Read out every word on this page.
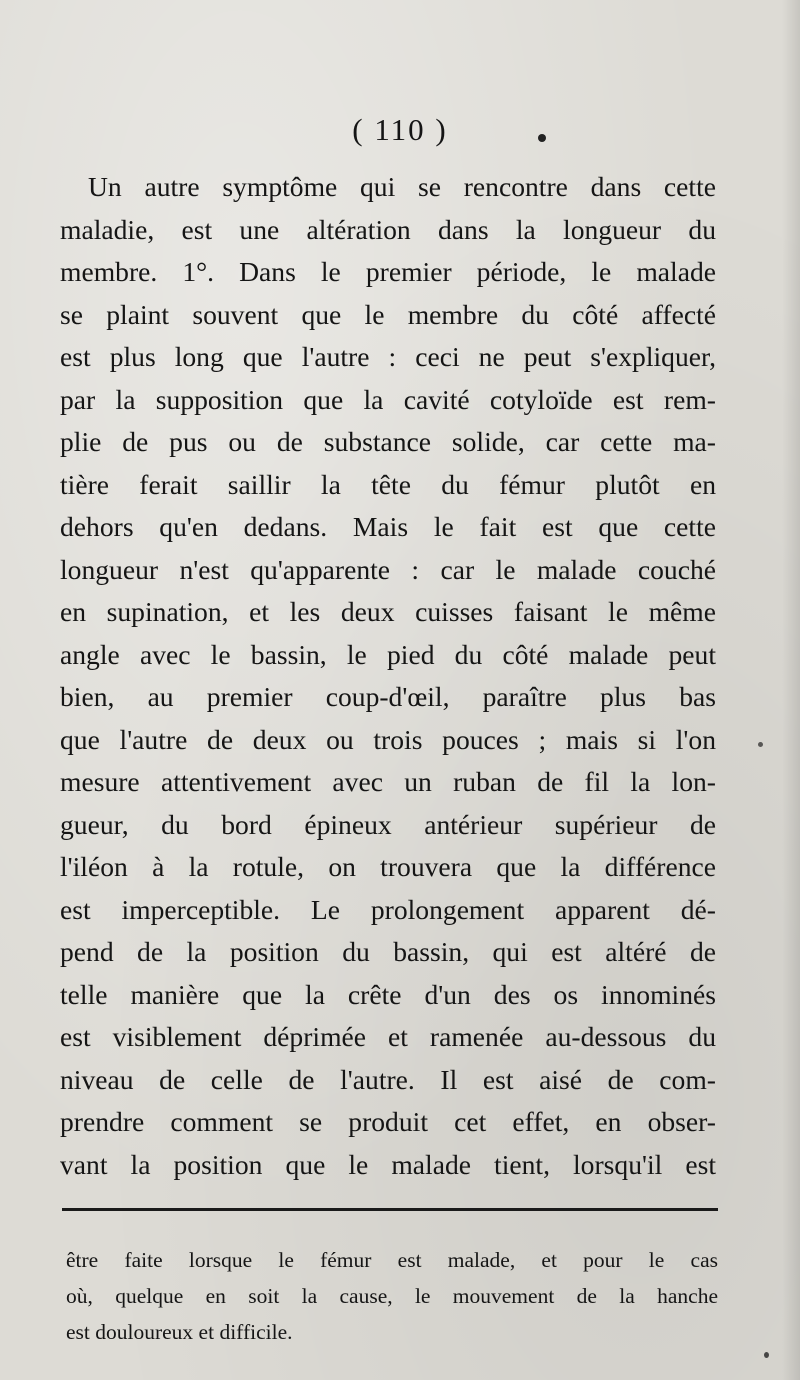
( 110 )
Un autre symptôme qui se rencontre dans cette
maladie, est une altération dans la longueur du
membre. 1°. Dans le premier période, le malade
se plaint souvent que le membre du côté affecté
est plus long que l'autre : ceci ne peut s'expliquer,
par la supposition que la cavité cotyloïde est rem-
plie de pus ou de substance solide, car cette ma-
tière ferait saillir la tête du fémur plutôt en
dehors qu'en dedans. Mais le fait est que cette
longueur n'est qu'apparente : car le malade couché
en supination, et les deux cuisses faisant le même
angle avec le bassin, le pied du côté malade peut
bien, au premier coup-d'œil, paraître plus bas
que l'autre de deux ou trois pouces ; mais si l'on
mesure attentivement avec un ruban de fil la lon-
gueur, du bord épineux antérieur supérieur de
l'iléon à la rotule, on trouvera que la différence
est imperceptible. Le prolongement apparent dé-
pend de la position du bassin, qui est altéré de
telle manière que la crête d'un des os innominés
est visiblement déprimée et ramenée au-dessous du
niveau de celle de l'autre. Il est aisé de com-
prendre comment se produit cet effet, en obser-
vant la position que le malade tient, lorsqu'il est
être faite lorsque le fémur est malade, et pour le cas
où, quelque en soit la cause, le mouvement de la hanche
est douloureux et difficile.
